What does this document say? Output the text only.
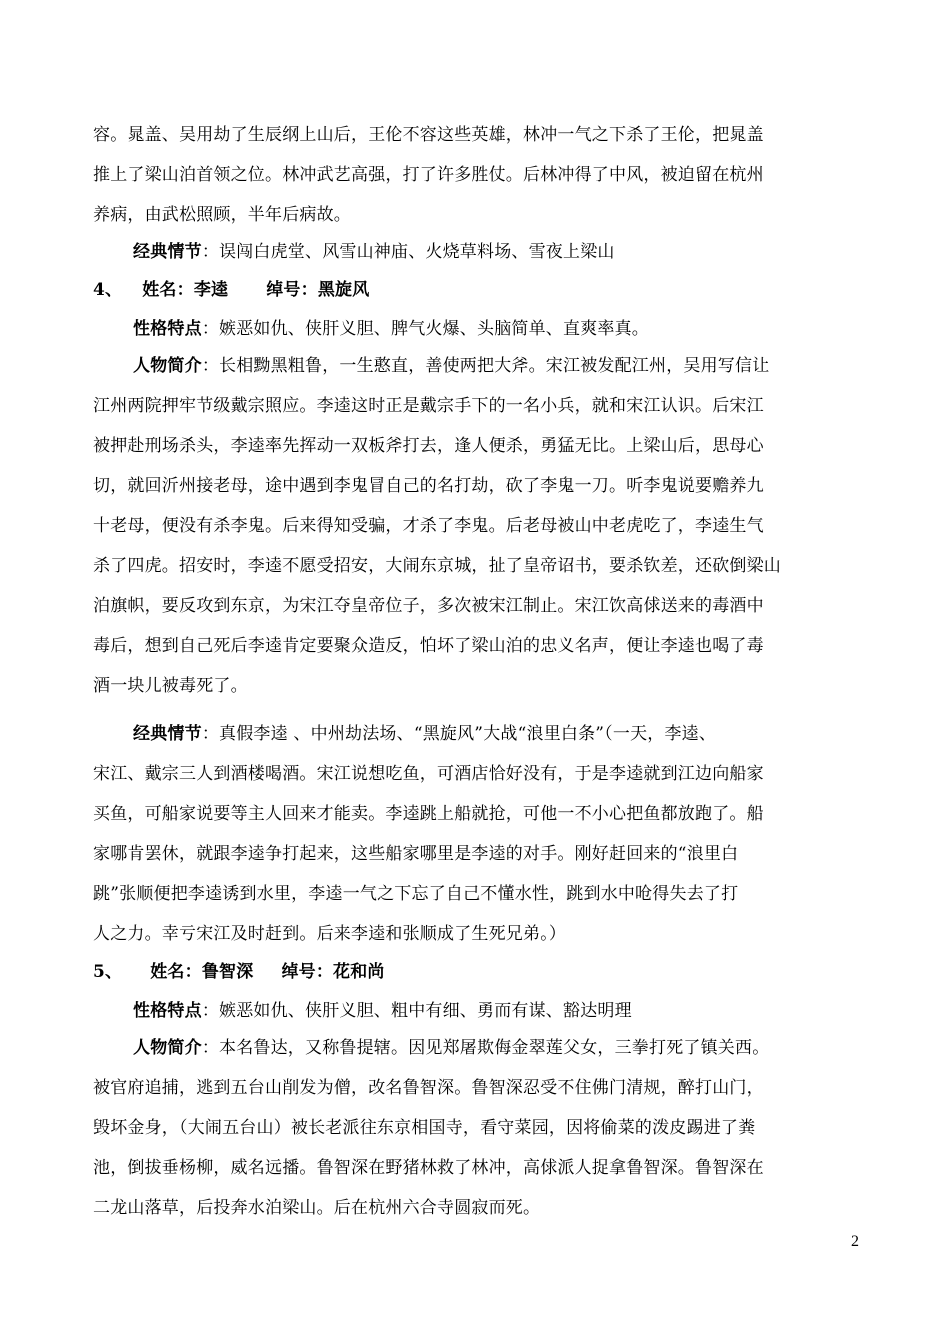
容。晁盖、吴用劫了生辰纲上山后，王伦不容这些英雄，林冲一气之下杀了王伦，把晁盖
推上了梁山泊首领之位。林冲武艺高强，打了许多胜仗。后林冲得了中风，被迫留在杭州
养病，由武松照顾，半年后病故。
经典情节：误闯白虎堂、风雪山神庙、火烧草料场、雪夜上梁山
4、 姓名：李逵 绰号：黑旋风
性格特点：嫉恶如仇、侠肝义胆、脾气火爆、头脑简单、直爽率真。
人物简介：长相黝黑粗鲁，一生憨直，善使两把大斧。宋江被发配江州，吴用写信让
江州两院押牢节级戴宗照应。李逵这时正是戴宗手下的一名小兵，就和宋江认识。后宋江
被押赴刑场杀头，李逵率先挥动一双板斧打去，逢人便杀，勇猛无比。上梁山后，思母心
切，就回沂州接老母，途中遇到李鬼冒自己的名打劫，砍了李鬼一刀。听李鬼说要赡养九
十老母，便没有杀李鬼。后来得知受骗，才杀了李鬼。后老母被山中老虎吃了，李逵生气
杀了四虎。招安时，李逵不愿受招安，大闹东京城，扯了皇帝诏书，要杀钦差，还砍倒梁山
泊旗帜，要反攻到东京，为宋江夺皇帝位子，多次被宋江制止。宋江饮高俅送来的毒酒中
毒后，想到自己死后李逵肯定要聚众造反，怕坏了梁山泊的忠义名声，便让李逵也喝了毒
酒一块儿被毒死了。
经典情节：真假李逵 、中州劫法场、“黑旋风”大战“浪里白条”（一天，李逵、
宋江、戴宗三人到酒楼喝酒。宋江说想吃鱼，可酒店恰好没有，于是李逵就到江边向船家
买鱼，可船家说要等主人回来才能卖。李逵跳上船就抢，可他一不小心把鱼都放跑了。船
家哪肯罢休，就跟李逵争打起来，这些船家哪里是李逵的对手。刚好赶回来的“浪里白
跳”张顺便把李逵诱到水里，李逵一气之下忘了自己不懂水性，跳到水中呛得失去了打
人之力。幸亏宋江及时赶到。后来李逵和张顺成了生死兄弟。）
5、 姓名：鲁智深 绰号：花和尚
性格特点：嫉恶如仇、侠肝义胆、粗中有细、勇而有谋、豁达明理
人物简介：本名鲁达，又称鲁提辖。因见郑屠欺侮金翠莲父女，三拳打死了镇关西。
被官府追捕，逃到五台山削发为僧，改名鲁智深。鲁智深忍受不住佛门清规，醉打山门，
毁坏金身，（大闹五台山）被长老派往东京相国寺，看守菜园，因将偷菜的泼皮踢进了粪
池，倒拔垂杨柳，威名远播。鲁智深在野猪林救了林冲，高俅派人捉拿鲁智深。鲁智深在
二龙山落草，后投奔水泊梁山。后在杭州六合寺圆寂而死。
2
